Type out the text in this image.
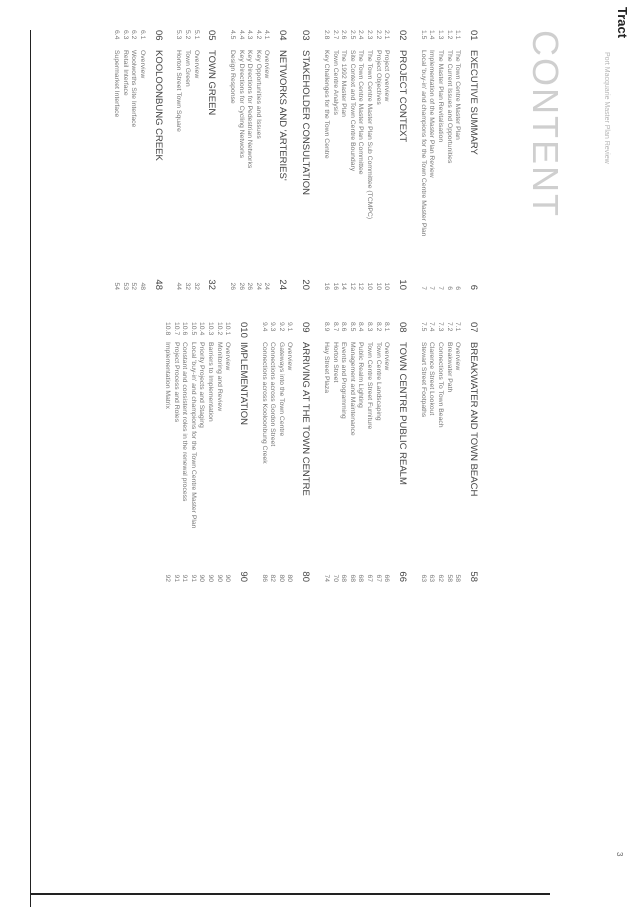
Tract
Port Macquarie Master Plan Review
3
CONTENT
01
EXECUTIVE SUMMARY
6
1.1
The Town Centre Master Plan
6
1.2
The Current Issues and Opportunities
6
1.3
The Master Plan Revitalisation
7
1.4
Implementation of the Master Plan Review
7
1.5
Local 'buy-in' and champions for the Town Centre Master Plan
7
02
PROJECT CONTEXT
10
2.1
Project Overview
10
2.2
Project Objectives
10
2.3
The Town Centre Master Plan Sub Committee (TCMPC)
10
2.4
The Town Centre Master Plan Committee
12
2.5
Site Context and Town Centre Boundary
12
2.6
The 1992 Master Plan
14
2.7
Town Centre Analysis
16
2.8
Key Challenges for the Town Centre
16
03
STAKEHOLDER CONSULTATION
20
04
NETWORKS AND 'ARTERIES'
24
4.1
Overview
24
4.2
Key Opportunities and Issues
24
4.3
Key Directions for Pedestrian Networks
26
4.4
Key Directions for Cycling Networks
26
4.5
Design Response
26
05
TOWN GREEN
32
5.1
Overview
32
5.2
Town Green
32
5.3
Horton Street Town Square
44
06
KOOLOONBUNG CREEK
48
6.1
Overview
48
6.2
Woolworths Site Interface
52
6.3
Retail Interface
53
6.4
Supermarket Interface
54
07
BREAKWATER AND TOWN BEACH
58
7.1
Overview
58
7.2
Breakwater Path
58
7.3
Connections To Town Beach
62
7.4
Clarence Street Lookout
63
7.5
Stewart Street Footpaths
63
08
TOWN CENTRE PUBLIC REALM
66
8.1
Overview
66
8.2
Town Centre Landscaping
67
8.3
Town Centre Street Furniture
67
8.4
Public Realm Lighting
68
8.5
Management and Maintenance
68
8.6
Events and Programming
68
8.7
Horton Street
70
8.9
Hay Street Plaza
74
09
ARRIVING AT THE TOWN CENTRE
80
9.1
Overview
80
9.2
Gateways into the Town Centre
80
9.3
Connections across Gordon Street
82
9.4
Connections across Kooloonbung Creek
86
010
IMPLEMENTATION
90
10.1
Overview
90
10.2
Monitoring and Review
90
10.3
Barriers to Implementation
90
10.4
Priority Projects and Staging
90
10.5
Local 'buy-in' and champions for the Town Centre Master Plan
91
10.6
Constant and consistent roles in the renewal process
91
10.7
Project Process and Roles
91
10.8
Implementation Matrix
92
